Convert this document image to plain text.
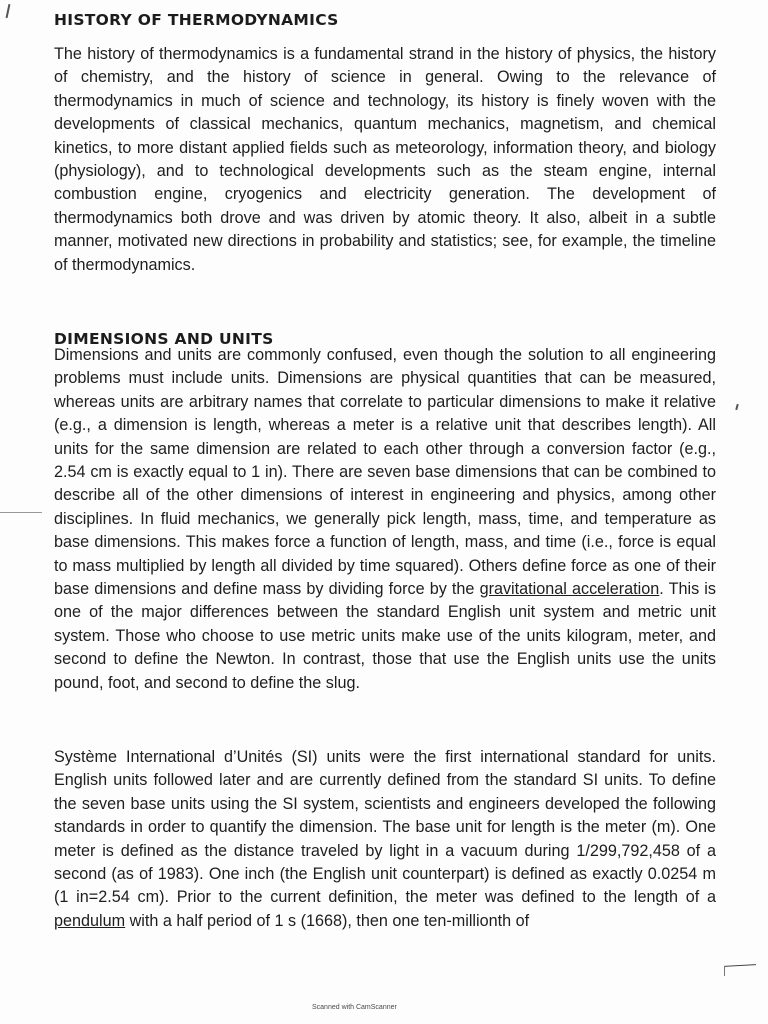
HISTORY OF THERMODYNAMICS
The history of thermodynamics is a fundamental strand in the history of physics, the history of chemistry, and the history of science in general. Owing to the relevance of thermodynamics in much of science and technology, its history is finely woven with the developments of classical mechanics, quantum mechanics, magnetism, and chemical kinetics, to more distant applied fields such as meteorology, information theory, and biology (physiology), and to technological developments such as the steam engine, internal combustion engine, cryogenics and electricity generation. The development of thermodynamics both drove and was driven by atomic theory. It also, albeit in a subtle manner, motivated new directions in probability and statistics; see, for example, the timeline of thermodynamics.
DIMENSIONS AND UNITS
Dimensions and units are commonly confused, even though the solution to all engineering problems must include units. Dimensions are physical quantities that can be measured, whereas units are arbitrary names that correlate to particular dimensions to make it relative (e.g., a dimension is length, whereas a meter is a relative unit that describes length). All units for the same dimension are related to each other through a conversion factor (e.g., 2.54 cm is exactly equal to 1 in). There are seven base dimensions that can be combined to describe all of the other dimensions of interest in engineering and physics, among other disciplines. In fluid mechanics, we generally pick length, mass, time, and temperature as base dimensions. This makes force a function of length, mass, and time (i.e., force is equal to mass multiplied by length all divided by time squared). Others define force as one of their base dimensions and define mass by dividing force by the gravitational acceleration. This is one of the major differences between the standard English unit system and metric unit system. Those who choose to use metric units make use of the units kilogram, meter, and second to define the Newton. In contrast, those that use the English units use the units pound, foot, and second to define the slug.
Système International d’Unités (SI) units were the first international standard for units. English units followed later and are currently defined from the standard SI units. To define the seven base units using the SI system, scientists and engineers developed the following standards in order to quantify the dimension. The base unit for length is the meter (m). One meter is defined as the distance traveled by light in a vacuum during 1/299,792,458 of a second (as of 1983). One inch (the English unit counterpart) is defined as exactly 0.0254 m (1 in=2.54 cm). Prior to the current definition, the meter was defined to the length of a pendulum with a half period of 1 s (1668), then one ten-millionth of
Scanned with CamScanner
